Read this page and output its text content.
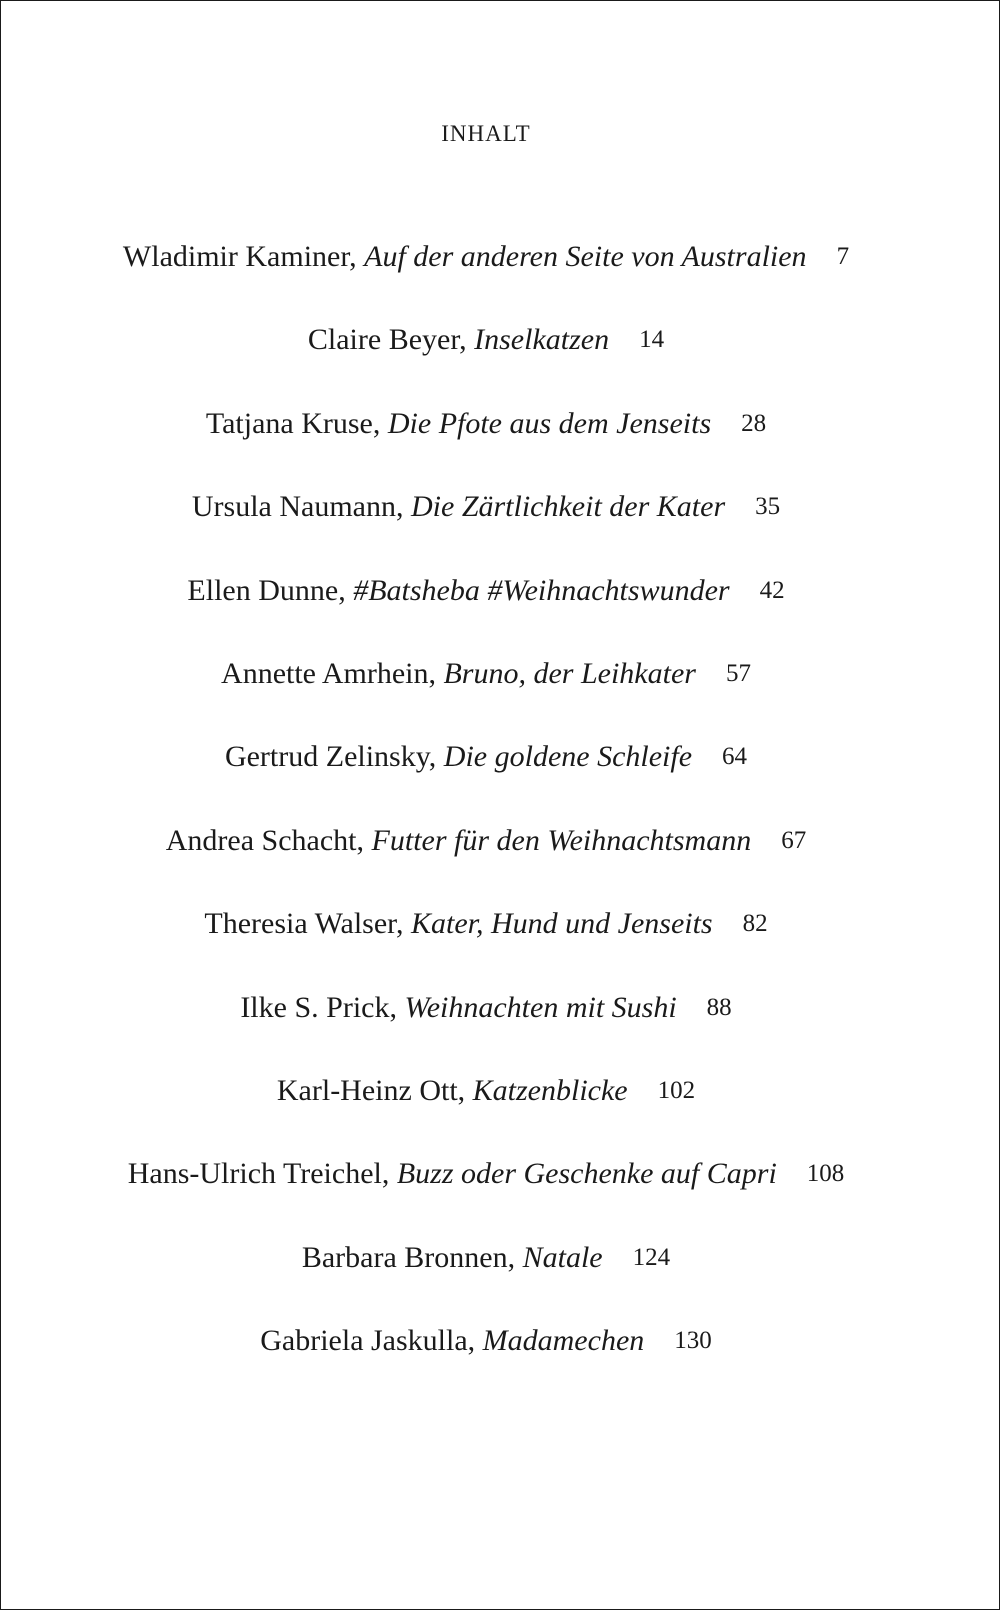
INHALT
Wladimir Kaminer,
Auf der anderen Seite von Australien 7
Claire Beyer,
Inselkatzen 14
Tatjana Kruse,
Die Pfote aus dem Jenseits 28
Ursula Naumann,
Die Zärtlichkeit der Kater 35
Ellen Dunne,
#Batsheba #Weihnachtswunder 42
Annette Amrhein,
Bruno, der Leihkater 57
Gertrud Zelinsky,
Die goldene Schleife 64
Andrea Schacht,
Futter für den Weihnachtsmann 67
Theresia Walser,
Kater, Hund und Jenseits 82
Ilke S. Prick,
Weihnachten mit Sushi 88
Karl-Heinz Ott,
Katzenblicke 102
Hans-Ulrich Treichel,
Buzz oder Geschenke auf Capri 108
Barbara Bronnen,
Natale 124
Gabriela Jaskulla,
Madamechen 130
